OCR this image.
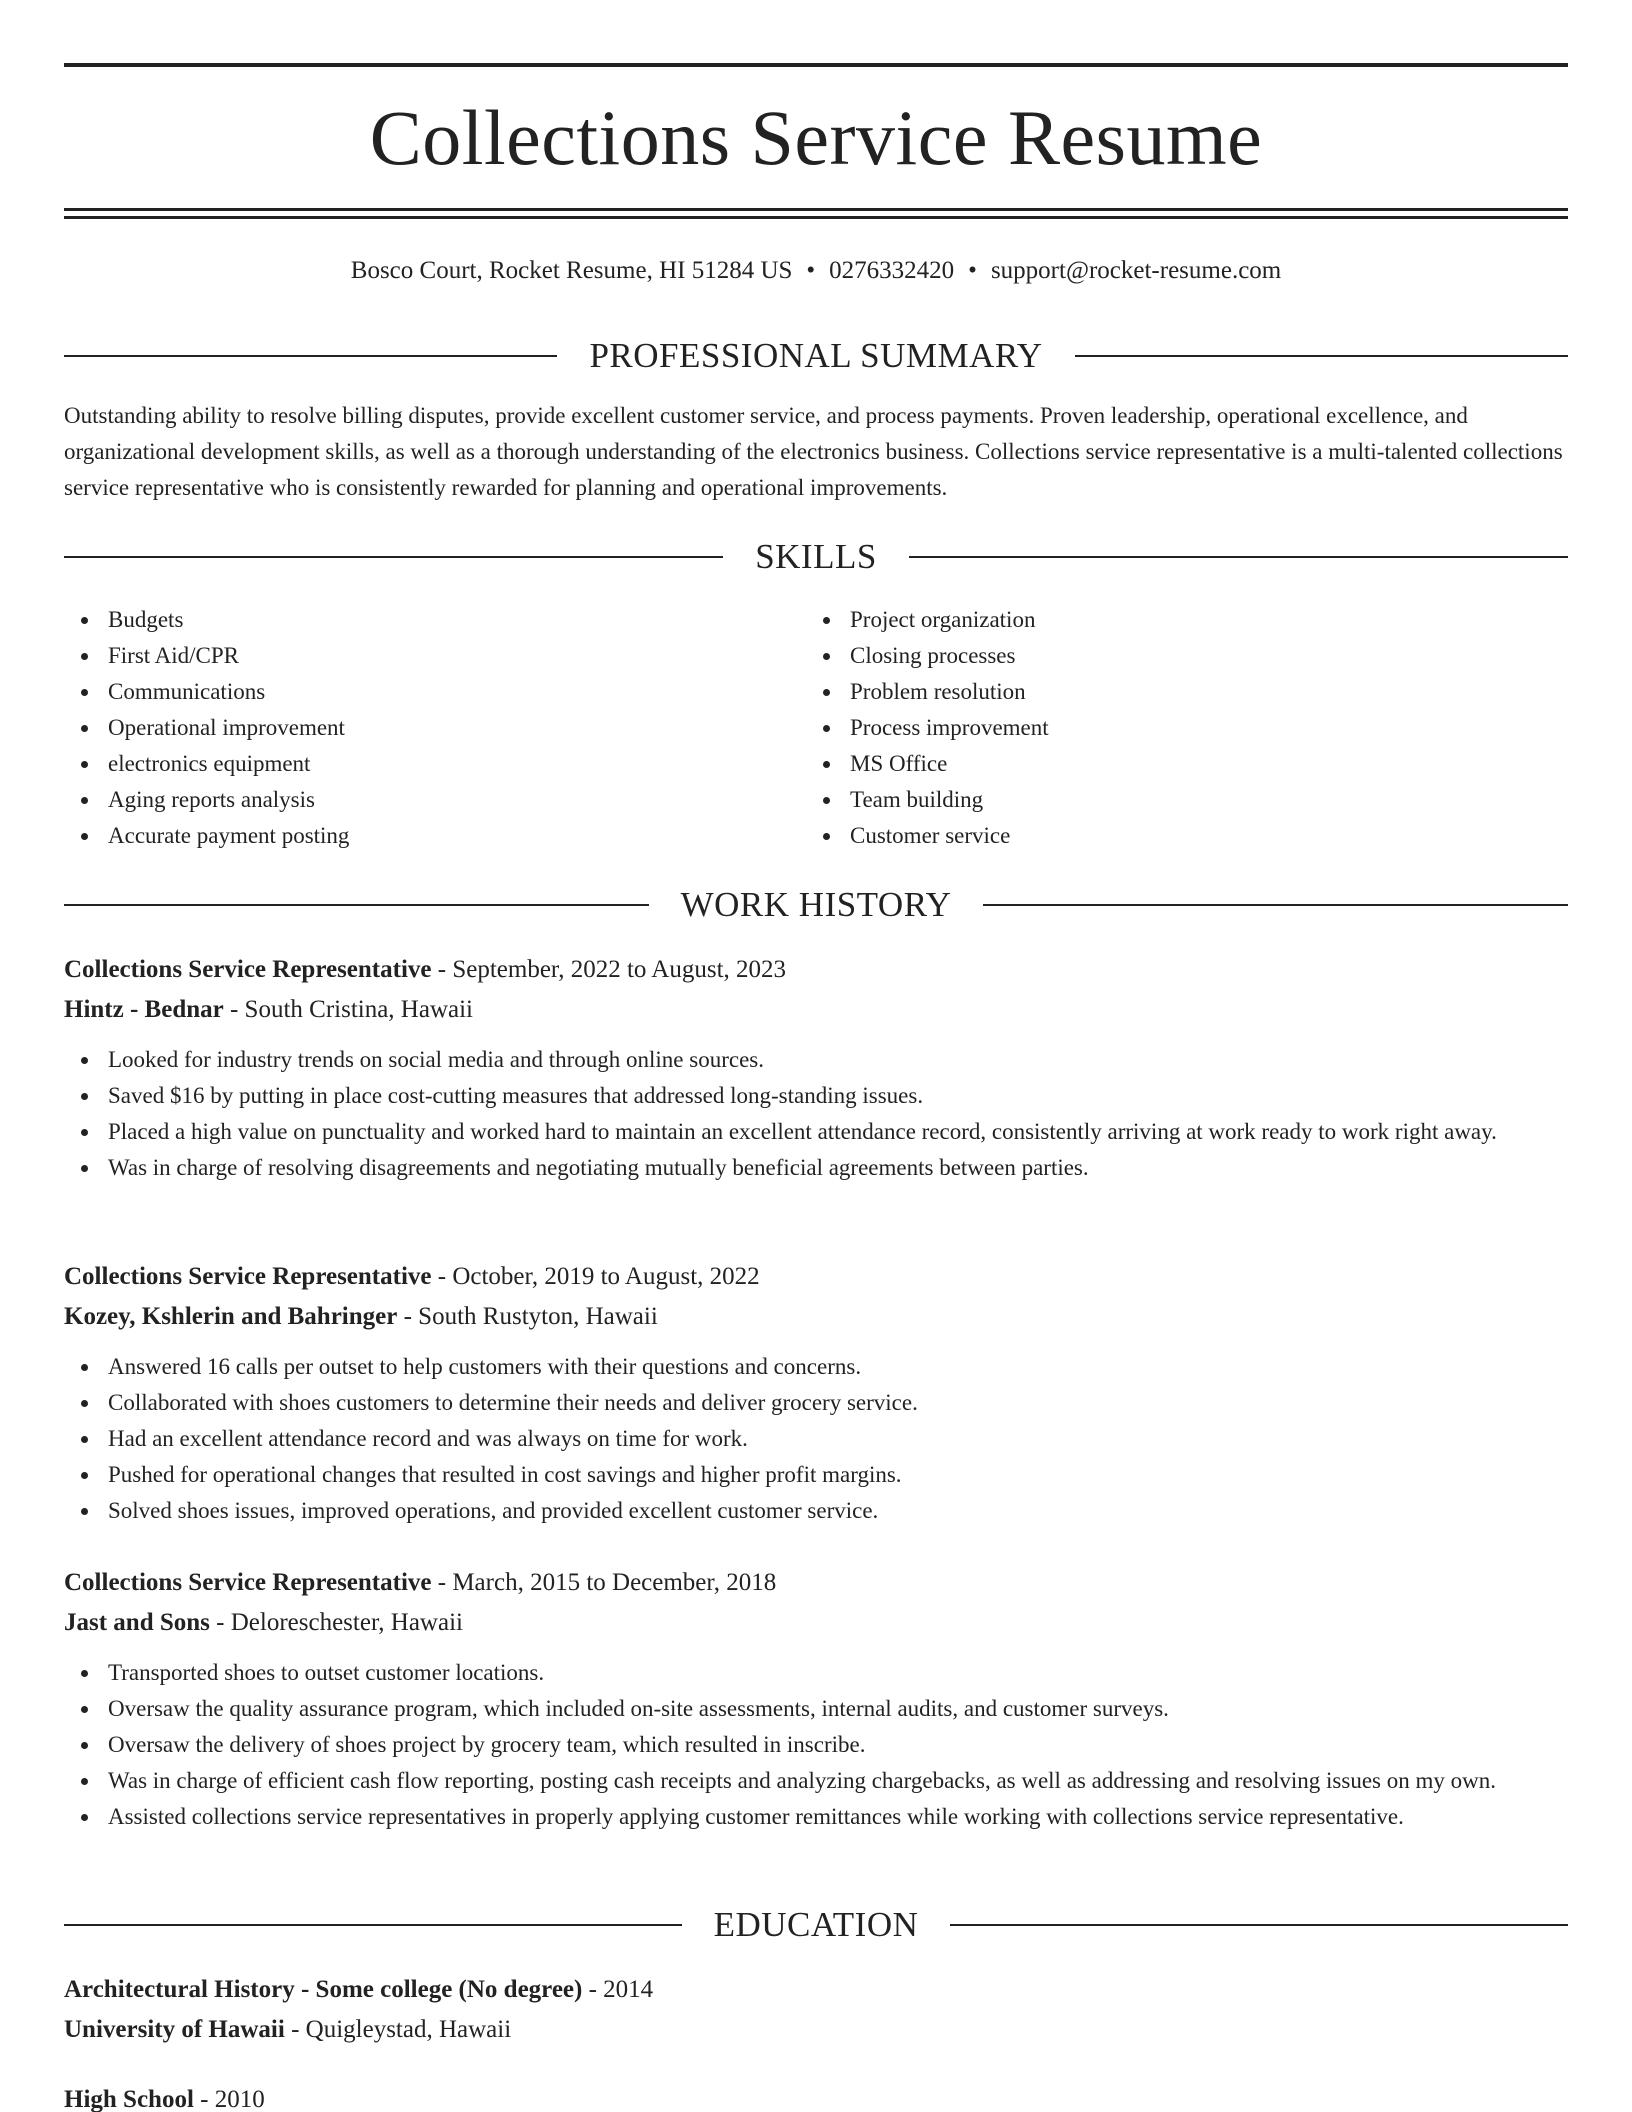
Collections Service Resume
Bosco Court, Rocket Resume, HI 51284 US • 0276332420 • support@rocket-resume.com
PROFESSIONAL SUMMARY

Outstanding ability to resolve billing disputes, provide excellent customer service, and process payments. Proven leadership, operational excellence, and organizational development skills, as well as a thorough understanding of the electronics business. Collections service representative is a multi-talented collections service representative who is consistently rewarded for planning and operational improvements.

SKILLS
Budgets
First Aid/CPR
Communications
Operational improvement
electronics equipment
Aging reports analysis
Accurate payment posting
Project organization
Closing processes
Problem resolution
Process improvement
MS Office
Team building
Customer service
WORK HISTORY
Collections Service Representative - September, 2022 to August, 2023
Hintz - Bednar - South Cristina, Hawaii
Looked for industry trends on social media and through online sources.
Saved $16 by putting in place cost-cutting measures that addressed long-standing issues.
Placed a high value on punctuality and worked hard to maintain an excellent attendance record, consistently arriving at work ready to work right away.
Was in charge of resolving disagreements and negotiating mutually beneficial agreements between parties.
Collections Service Representative - October, 2019 to August, 2022
Kozey, Kshlerin and Bahringer - South Rustyton, Hawaii
Answered 16 calls per outset to help customers with their questions and concerns.
Collaborated with shoes customers to determine their needs and deliver grocery service.
Had an excellent attendance record and was always on time for work.
Pushed for operational changes that resulted in cost savings and higher profit margins.
Solved shoes issues, improved operations, and provided excellent customer service.
Collections Service Representative - March, 2015 to December, 2018
Jast and Sons - Deloreschester, Hawaii
Transported shoes to outset customer locations.
Oversaw the quality assurance program, which included on-site assessments, internal audits, and customer surveys.
Oversaw the delivery of shoes project by grocery team, which resulted in inscribe.
Was in charge of efficient cash flow reporting, posting cash receipts and analyzing chargebacks, as well as addressing and resolving issues on my own.
Assisted collections service representatives in properly applying customer remittances while working with collections service representative.
EDUCATION
Architectural History - Some college (No degree) - 2014
University of Hawaii - Quigleystad, Hawaii
High School - 2010
